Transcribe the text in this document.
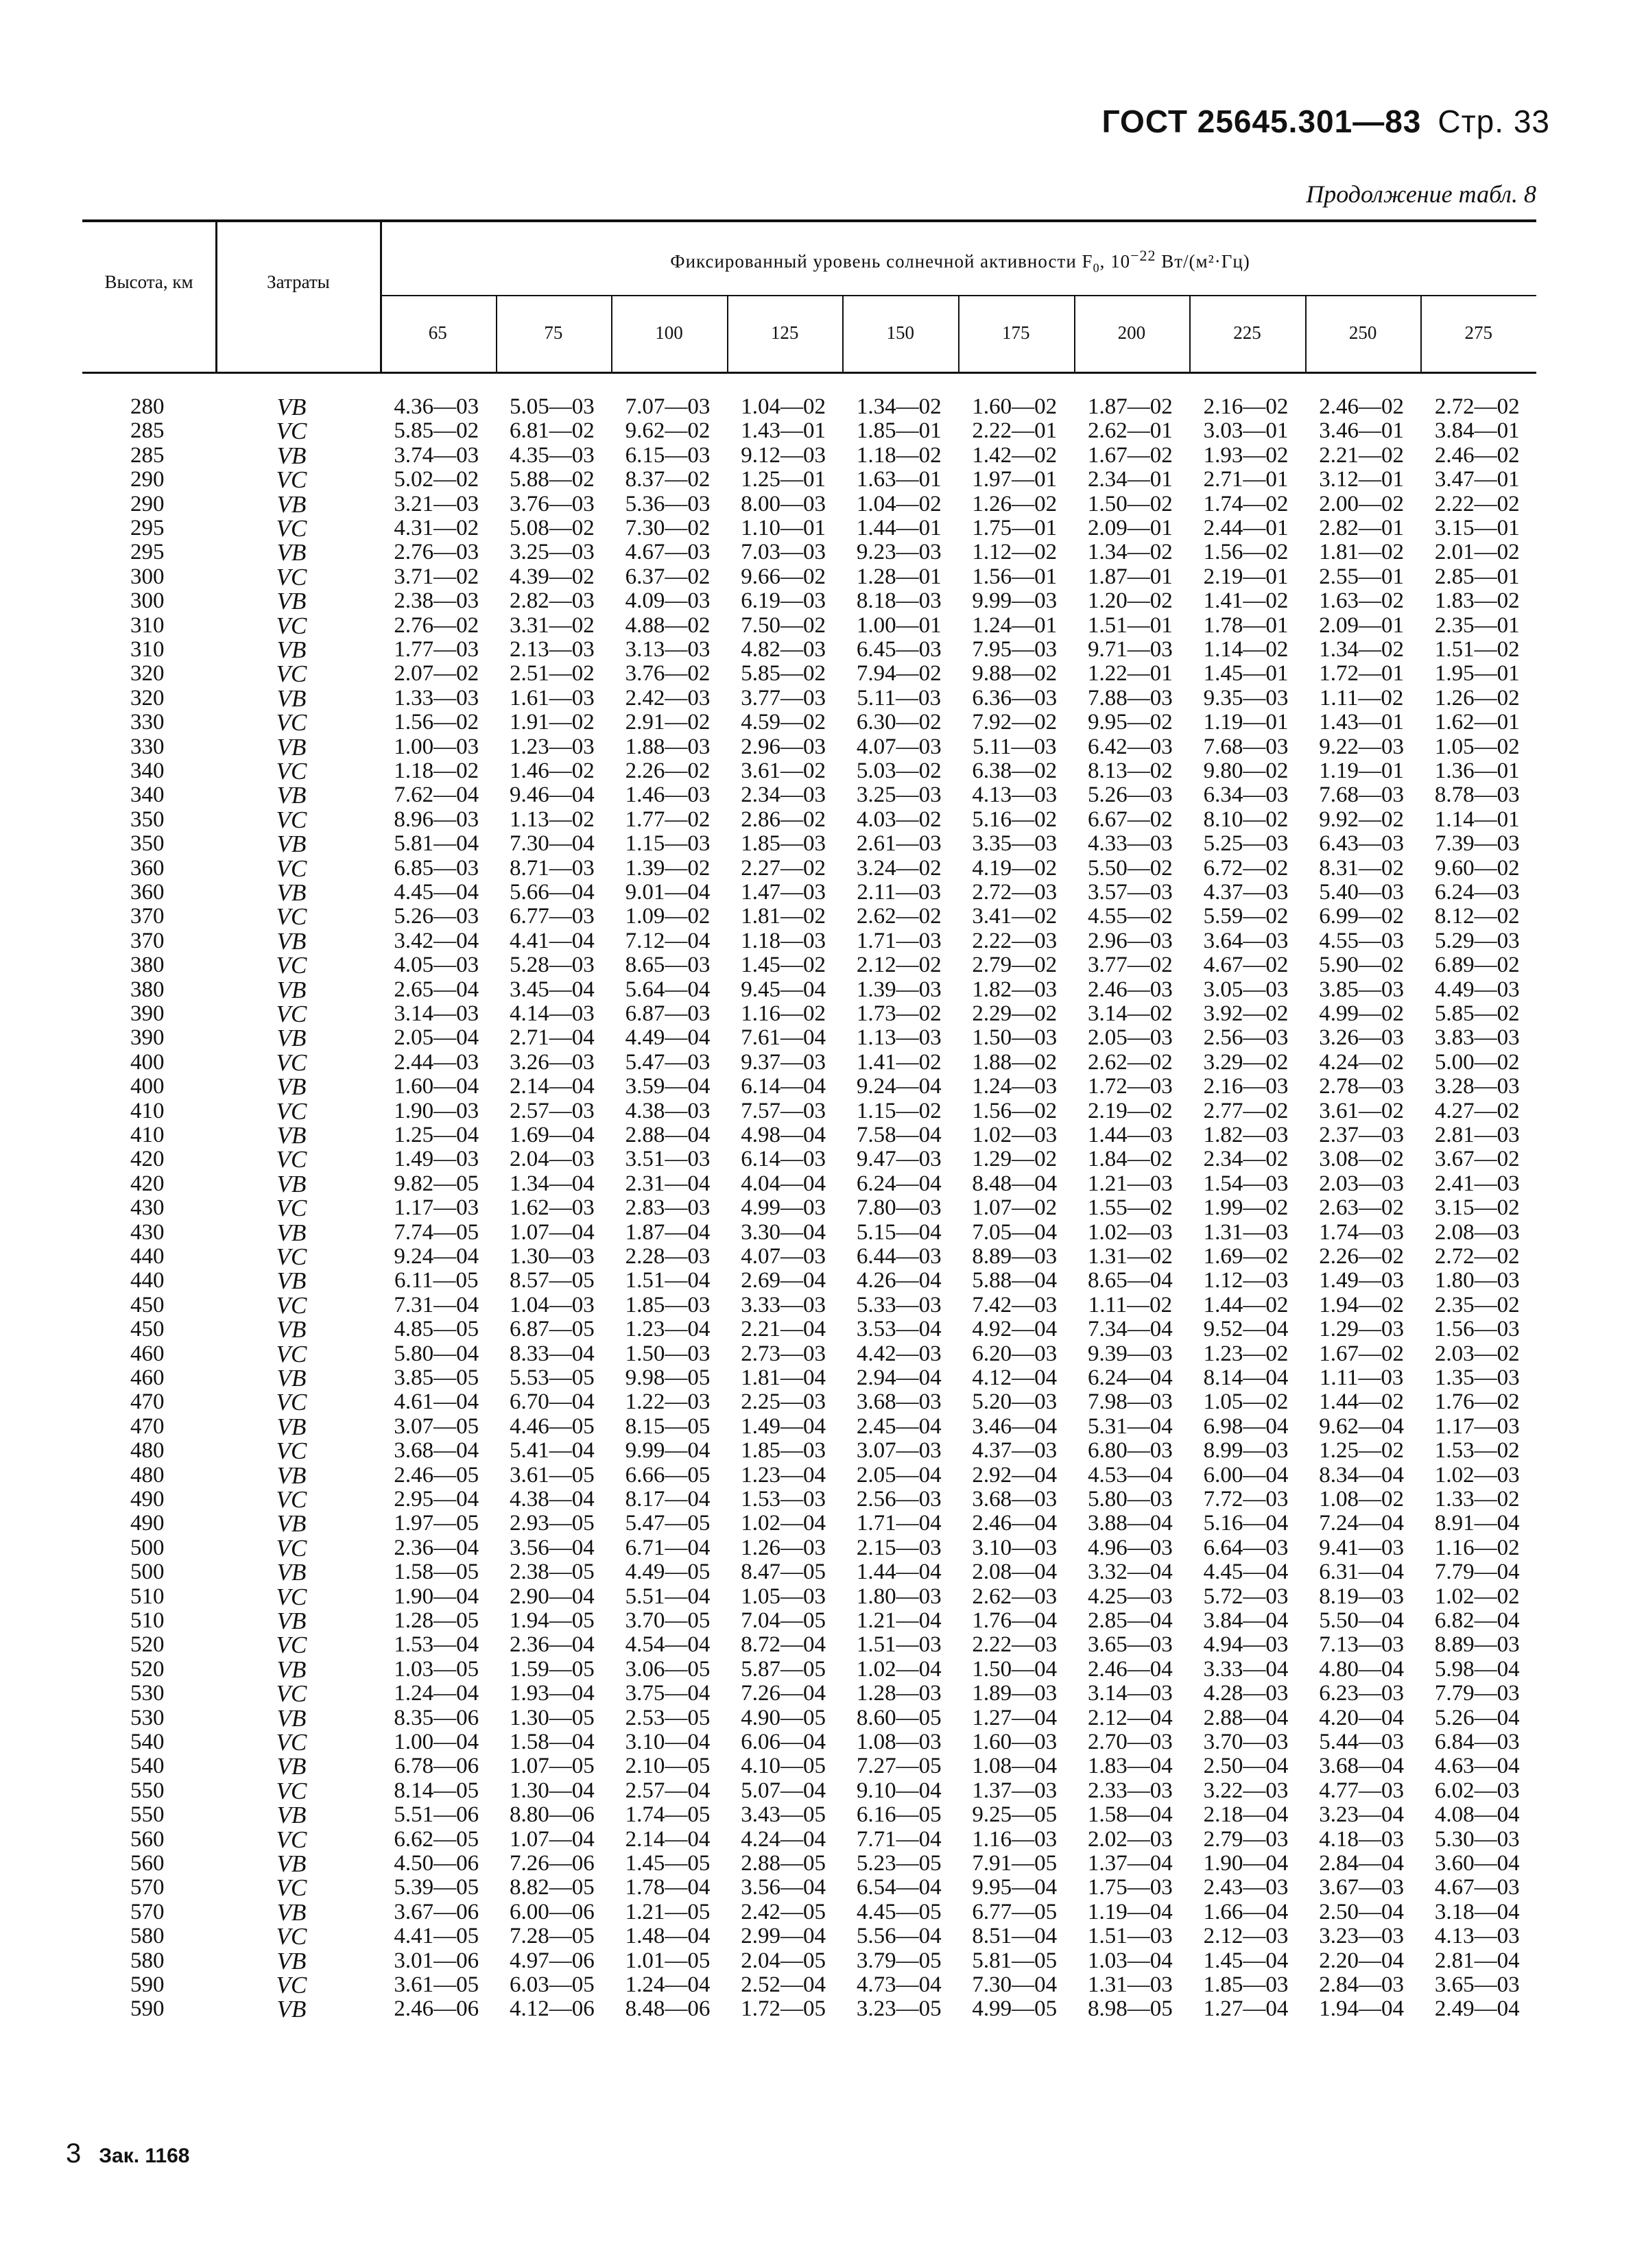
ГОСТ 25645.301—83 Стр. 33
Продолжение табл. 8
Высота, км	Затраты
Фиксированный уровень солнечной активности $F_0$, $10^{-22}$ Вт/(м²·Гц)
65	75	100	125	150	175	200	225	250	275
280	VB	4.36—03	5.05—03	7.07—03	1.04—02	1.34—02	1.60—02	1.87—02	2.16—02	2.46—02	2.72—02
285	VC	5.85—02	6.81—02	9.62—02	1.43—01	1.85—01	2.22—01	2.62—01	3.03—01	3.46—01	3.84—01
285	VB	3.74—03	4.35—03	6.15—03	9.12—03	1.18—02	1.42—02	1.67—02	1.93—02	2.21—02	2.46—02
290	VC	5.02—02	5.88—02	8.37—02	1.25—01	1.63—01	1.97—01	2.34—01	2.71—01	3.12—01	3.47—01
290	VB	3.21—03	3.76—03	5.36—03	8.00—03	1.04—02	1.26—02	1.50—02	1.74—02	2.00—02	2.22—02
295	VC	4.31—02	5.08—02	7.30—02	1.10—01	1.44—01	1.75—01	2.09—01	2.44—01	2.82—01	3.15—01
295	VB	2.76—03	3.25—03	4.67—03	7.03—03	9.23—03	1.12—02	1.34—02	1.56—02	1.81—02	2.01—02
300	VC	3.71—02	4.39—02	6.37—02	9.66—02	1.28—01	1.56—01	1.87—01	2.19—01	2.55—01	2.85—01
300	VB	2.38—03	2.82—03	4.09—03	6.19—03	8.18—03	9.99—03	1.20—02	1.41—02	1.63—02	1.83—02
310	VC	2.76—02	3.31—02	4.88—02	7.50—02	1.00—01	1.24—01	1.51—01	1.78—01	2.09—01	2.35—01
310	VB	1.77—03	2.13—03	3.13—03	4.82—03	6.45—03	7.95—03	9.71—03	1.14—02	1.34—02	1.51—02
320	VC	2.07—02	2.51—02	3.76—02	5.85—02	7.94—02	9.88—02	1.22—01	1.45—01	1.72—01	1.95—01
320	VB	1.33—03	1.61—03	2.42—03	3.77—03	5.11—03	6.36—03	7.88—03	9.35—03	1.11—02	1.26—02
330	VC	1.56—02	1.91—02	2.91—02	4.59—02	6.30—02	7.92—02	9.95—02	1.19—01	1.43—01	1.62—01
330	VB	1.00—03	1.23—03	1.88—03	2.96—03	4.07—03	5.11—03	6.42—03	7.68—03	9.22—03	1.05—02
340	VC	1.18—02	1.46—02	2.26—02	3.61—02	5.03—02	6.38—02	8.13—02	9.80—02	1.19—01	1.36—01
340	VB	7.62—04	9.46—04	1.46—03	2.34—03	3.25—03	4.13—03	5.26—03	6.34—03	7.68—03	8.78—03
350	VC	8.96—03	1.13—02	1.77—02	2.86—02	4.03—02	5.16—02	6.67—02	8.10—02	9.92—02	1.14—01
350	VB	5.81—04	7.30—04	1.15—03	1.85—03	2.61—03	3.35—03	4.33—03	5.25—03	6.43—03	7.39—03
360	VC	6.85—03	8.71—03	1.39—02	2.27—02	3.24—02	4.19—02	5.50—02	6.72—02	8.31—02	9.60—02
360	VB	4.45—04	5.66—04	9.01—04	1.47—03	2.11—03	2.72—03	3.57—03	4.37—03	5.40—03	6.24—03
370	VC	5.26—03	6.77—03	1.09—02	1.81—02	2.62—02	3.41—02	4.55—02	5.59—02	6.99—02	8.12—02
370	VB	3.42—04	4.41—04	7.12—04	1.18—03	1.71—03	2.22—03	2.96—03	3.64—03	4.55—03	5.29—03
380	VC	4.05—03	5.28—03	8.65—03	1.45—02	2.12—02	2.79—02	3.77—02	4.67—02	5.90—02	6.89—02
380	VB	2.65—04	3.45—04	5.64—04	9.45—04	1.39—03	1.82—03	2.46—03	3.05—03	3.85—03	4.49—03
390	VC	3.14—03	4.14—03	6.87—03	1.16—02	1.73—02	2.29—02	3.14—02	3.92—02	4.99—02	5.85—02
390	VB	2.05—04	2.71—04	4.49—04	7.61—04	1.13—03	1.50—03	2.05—03	2.56—03	3.26—03	3.83—03
400	VC	2.44—03	3.26—03	5.47—03	9.37—03	1.41—02	1.88—02	2.62—02	3.29—02	4.24—02	5.00—02
400	VB	1.60—04	2.14—04	3.59—04	6.14—04	9.24—04	1.24—03	1.72—03	2.16—03	2.78—03	3.28—03
410	VC	1.90—03	2.57—03	4.38—03	7.57—03	1.15—02	1.56—02	2.19—02	2.77—02	3.61—02	4.27—02
410	VB	1.25—04	1.69—04	2.88—04	4.98—04	7.58—04	1.02—03	1.44—03	1.82—03	2.37—03	2.81—03
420	VC	1.49—03	2.04—03	3.51—03	6.14—03	9.47—03	1.29—02	1.84—02	2.34—02	3.08—02	3.67—02
420	VB	9.82—05	1.34—04	2.31—04	4.04—04	6.24—04	8.48—04	1.21—03	1.54—03	2.03—03	2.41—03
430	VC	1.17—03	1.62—03	2.83—03	4.99—03	7.80—03	1.07—02	1.55—02	1.99—02	2.63—02	3.15—02
430	VB	7.74—05	1.07—04	1.87—04	3.30—04	5.15—04	7.05—04	1.02—03	1.31—03	1.74—03	2.08—03
440	VC	9.24—04	1.30—03	2.28—03	4.07—03	6.44—03	8.89—03	1.31—02	1.69—02	2.26—02	2.72—02
440	VB	6.11—05	8.57—05	1.51—04	2.69—04	4.26—04	5.88—04	8.65—04	1.12—03	1.49—03	1.80—03
450	VC	7.31—04	1.04—03	1.85—03	3.33—03	5.33—03	7.42—03	1.11—02	1.44—02	1.94—02	2.35—02
450	VB	4.85—05	6.87—05	1.23—04	2.21—04	3.53—04	4.92—04	7.34—04	9.52—04	1.29—03	1.56—03
460	VC	5.80—04	8.33—04	1.50—03	2.73—03	4.42—03	6.20—03	9.39—03	1.23—02	1.67—02	2.03—02
460	VB	3.85—05	5.53—05	9.98—05	1.81—04	2.94—04	4.12—04	6.24—04	8.14—04	1.11—03	1.35—03
470	VC	4.61—04	6.70—04	1.22—03	2.25—03	3.68—03	5.20—03	7.98—03	1.05—02	1.44—02	1.76—02
470	VB	3.07—05	4.46—05	8.15—05	1.49—04	2.45—04	3.46—04	5.31—04	6.98—04	9.62—04	1.17—03
480	VC	3.68—04	5.41—04	9.99—04	1.85—03	3.07—03	4.37—03	6.80—03	8.99—03	1.25—02	1.53—02
480	VB	2.46—05	3.61—05	6.66—05	1.23—04	2.05—04	2.92—04	4.53—04	6.00—04	8.34—04	1.02—03
490	VC	2.95—04	4.38—04	8.17—04	1.53—03	2.56—03	3.68—03	5.80—03	7.72—03	1.08—02	1.33—02
490	VB	1.97—05	2.93—05	5.47—05	1.02—04	1.71—04	2.46—04	3.88—04	5.16—04	7.24—04	8.91—04
500	VC	2.36—04	3.56—04	6.71—04	1.26—03	2.15—03	3.10—03	4.96—03	6.64—03	9.41—03	1.16—02
500	VB	1.58—05	2.38—05	4.49—05	8.47—05	1.44—04	2.08—04	3.32—04	4.45—04	6.31—04	7.79—04
510	VC	1.90—04	2.90—04	5.51—04	1.05—03	1.80—03	2.62—03	4.25—03	5.72—03	8.19—03	1.02—02
510	VB	1.28—05	1.94—05	3.70—05	7.04—05	1.21—04	1.76—04	2.85—04	3.84—04	5.50—04	6.82—04
520	VC	1.53—04	2.36—04	4.54—04	8.72—04	1.51—03	2.22—03	3.65—03	4.94—03	7.13—03	8.89—03
520	VB	1.03—05	1.59—05	3.06—05	5.87—05	1.02—04	1.50—04	2.46—04	3.33—04	4.80—04	5.98—04
530	VC	1.24—04	1.93—04	3.75—04	7.26—04	1.28—03	1.89—03	3.14—03	4.28—03	6.23—03	7.79—03
530	VB	8.35—06	1.30—05	2.53—05	4.90—05	8.60—05	1.27—04	2.12—04	2.88—04	4.20—04	5.26—04
540	VC	1.00—04	1.58—04	3.10—04	6.06—04	1.08—03	1.60—03	2.70—03	3.70—03	5.44—03	6.84—03
540	VB	6.78—06	1.07—05	2.10—05	4.10—05	7.27—05	1.08—04	1.83—04	2.50—04	3.68—04	4.63—04
550	VC	8.14—05	1.30—04	2.57—04	5.07—04	9.10—04	1.37—03	2.33—03	3.22—03	4.77—03	6.02—03
550	VB	5.51—06	8.80—06	1.74—05	3.43—05	6.16—05	9.25—05	1.58—04	2.18—04	3.23—04	4.08—04
560	VC	6.62—05	1.07—04	2.14—04	4.24—04	7.71—04	1.16—03	2.02—03	2.79—03	4.18—03	5.30—03
560	VB	4.50—06	7.26—06	1.45—05	2.88—05	5.23—05	7.91—05	1.37—04	1.90—04	2.84—04	3.60—04
570	VC	5.39—05	8.82—05	1.78—04	3.56—04	6.54—04	9.95—04	1.75—03	2.43—03	3.67—03	4.67—03
570	VB	3.67—06	6.00—06	1.21—05	2.42—05	4.45—05	6.77—05	1.19—04	1.66—04	2.50—04	3.18—04
580	VC	4.41—05	7.28—05	1.48—04	2.99—04	5.56—04	8.51—04	1.51—03	2.12—03	3.23—03	4.13—03
580	VB	3.01—06	4.97—06	1.01—05	2.04—05	3.79—05	5.81—05	1.03—04	1.45—04	2.20—04	2.81—04
590	VC	3.61—05	6.03—05	1.24—04	2.52—04	4.73—04	7.30—04	1.31—03	1.85—03	2.84—03	3.65—03
590	VB	2.46—06	4.12—06	8.48—06	1.72—05	3.23—05	4.99—05	8.98—05	1.27—04	1.94—04	2.49—04
3 Зак. 1168
